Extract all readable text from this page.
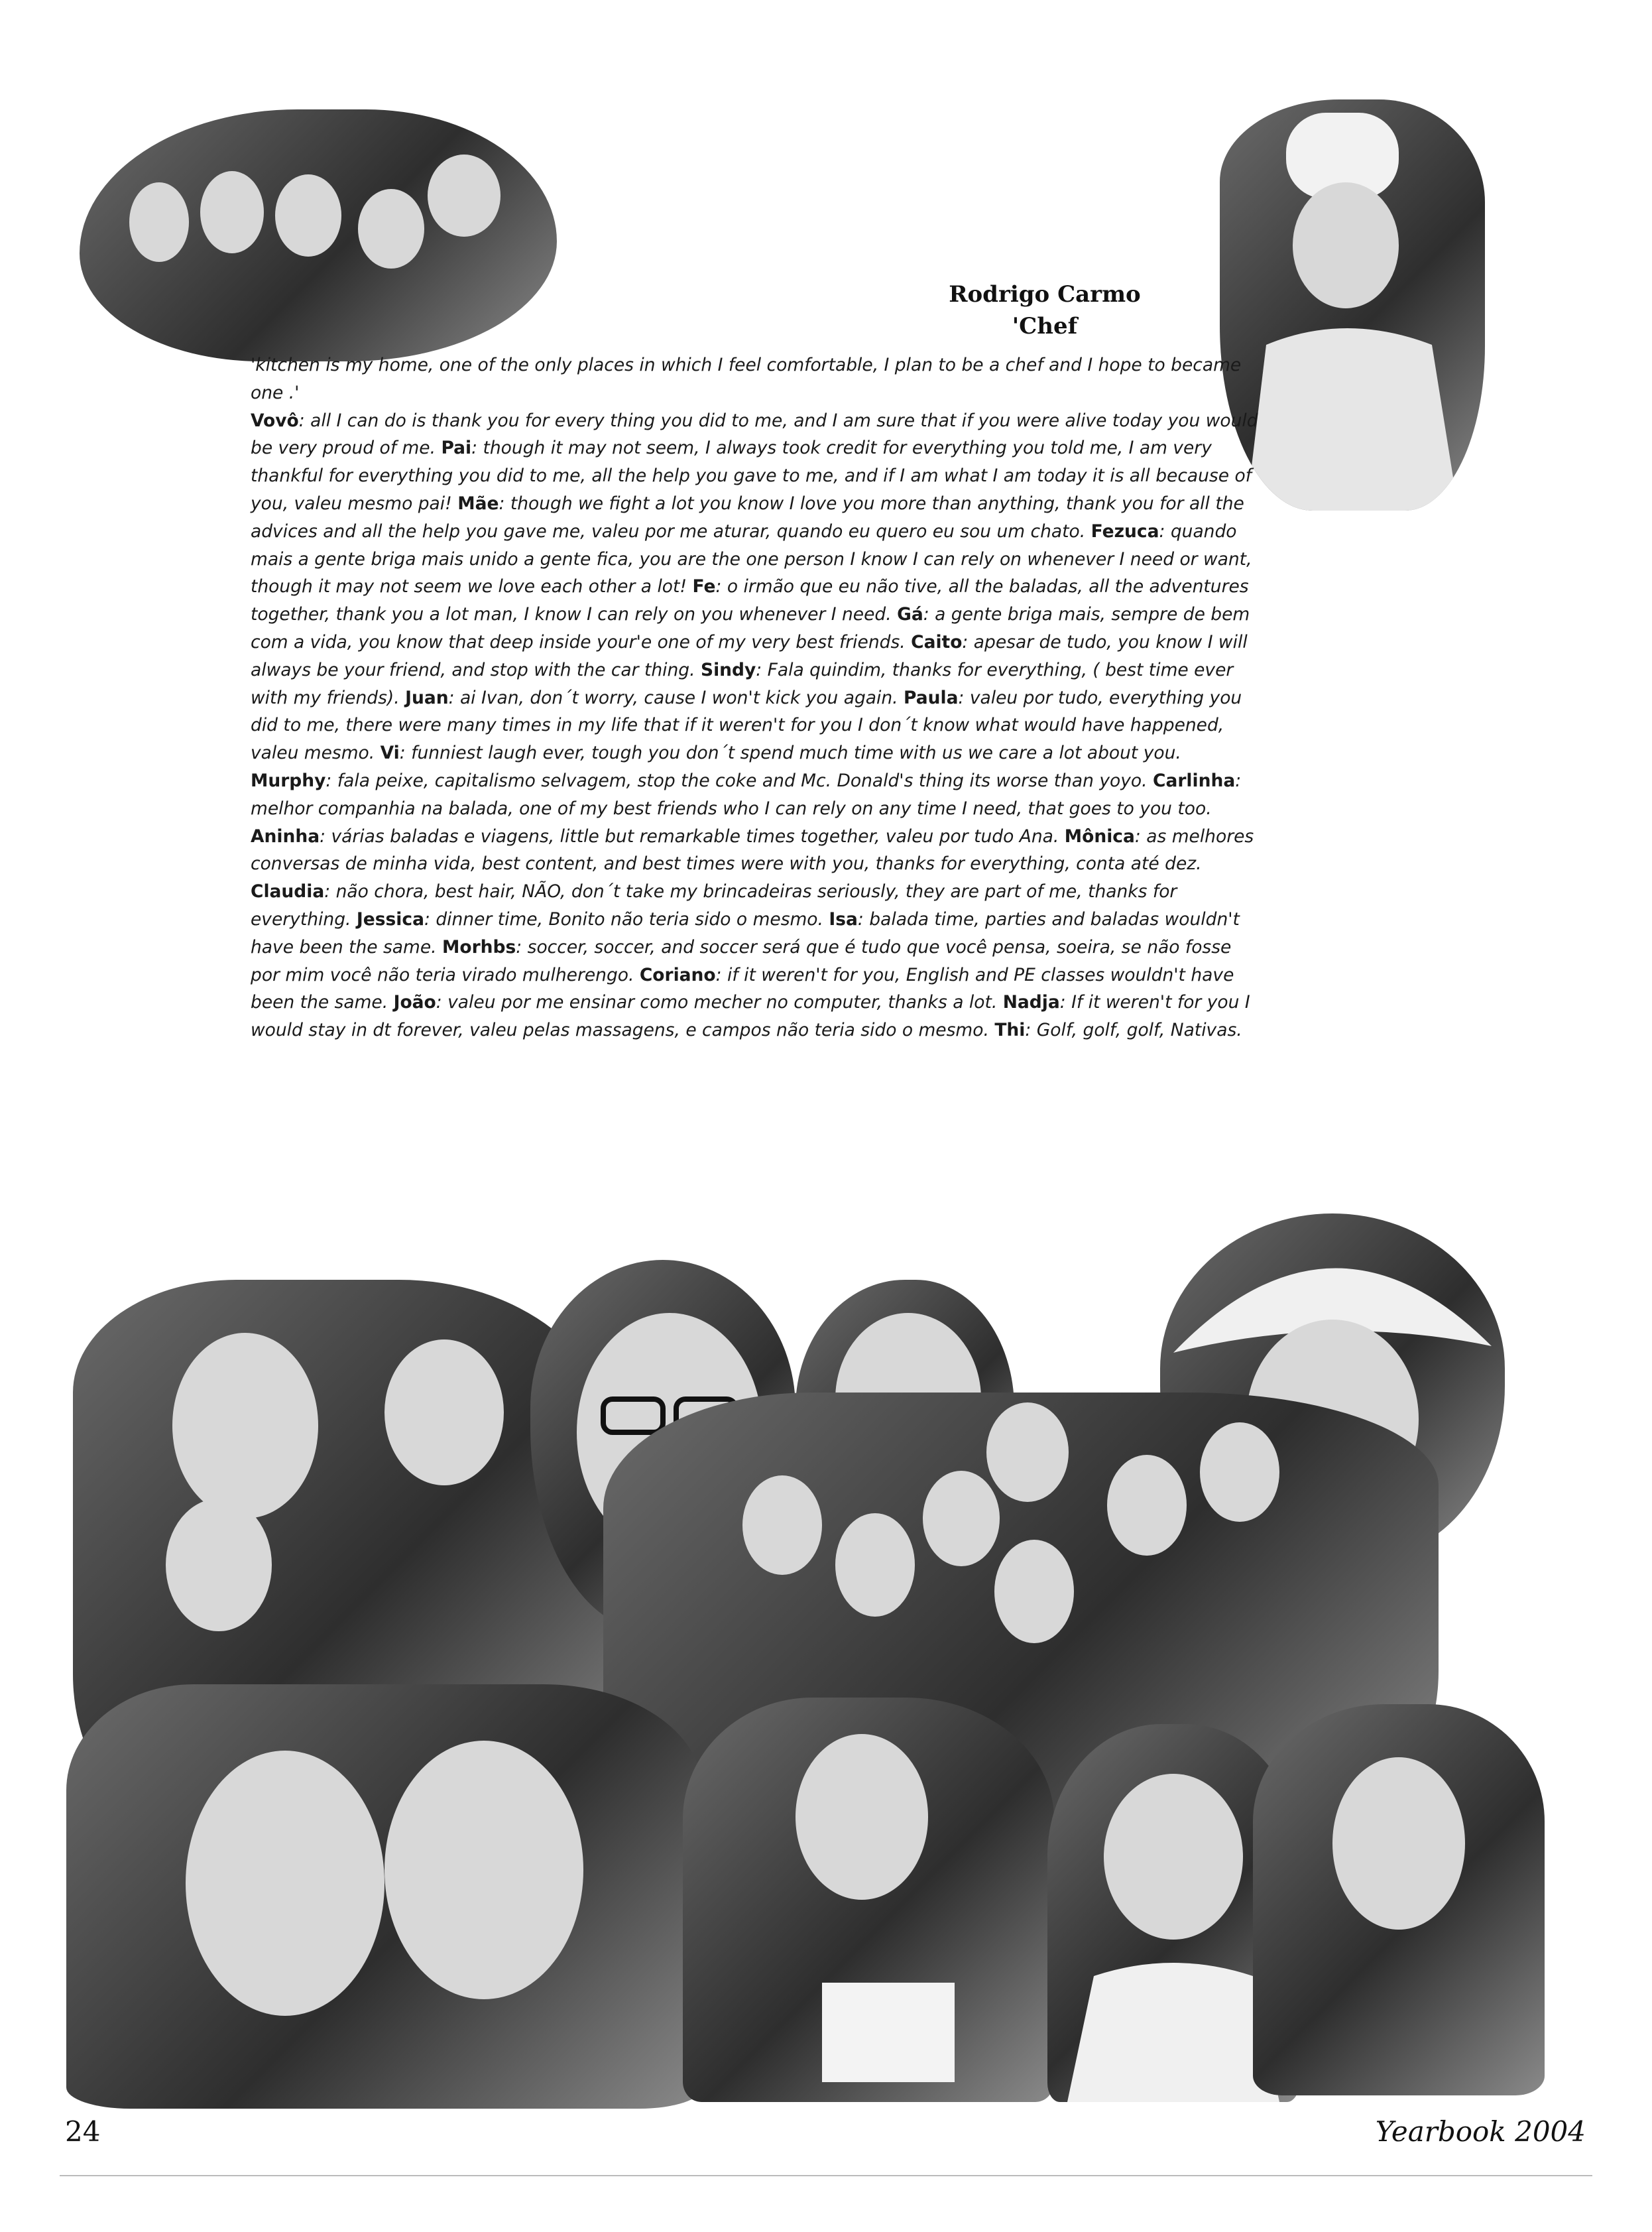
Rodrigo Carmo
'Chef
'kitchen is my home, one of the only places in which I feel comfortable, I plan to be a chef and I hope to became one .'
Vovô: all I can do is thank you for every thing you did to me, and I am sure that if you were alive today you would be very proud of me. Pai: though it may not seem, I always took credit for everything you told me, I am very thankful for everything you did to me, all the help you gave to me, and if I am what I am today it is all because of you, valeu mesmo pai! Mãe: though we fight a lot you know I love you more than anything, thank you for all the advices and all the help you gave me, valeu por me aturar, quando eu quero eu sou um chato. Fezuca: quando mais a gente briga mais unido a gente fica, you are the one person I know I can rely on whenever I need or want, though it may not seem we love each other a lot! Fe: o irmão que eu não tive, all the baladas, all the adventures together, thank you a lot man, I know I can rely on you whenever I need. Gá: a gente briga mais, sempre de bem com a vida, you know that deep inside your'e one of my very best friends. Caito: apesar de tudo, you know I will always be your friend, and stop with the car thing. Sindy: Fala quindim, thanks for everything, ( best time ever with my friends). Juan: ai Ivan, don´t worry, cause I won't kick you again. Paula: valeu por tudo, everything you did to me, there were many times in my life that if it weren't for you I don´t know what would have happened, valeu mesmo. Vi: funniest laugh ever, tough you don´t spend much time with us we care a lot about you. Murphy: fala peixe, capitalismo selvagem, stop the coke and Mc. Donald's thing its worse than yoyo. Carlinha: melhor companhia na balada, one of my best friends who I can rely on any time I need, that goes to you too. Aninha: várias baladas e viagens, little but remarkable times together, valeu por tudo Ana. Mônica: as melhores conversas de minha vida, best content, and best times were with you, thanks for everything, conta até dez. Claudia: não chora, best hair, NÃO, don´t take my brincadeiras seriously, they are part of me, thanks for everything. Jessica: dinner time, Bonito não teria sido o mesmo. Isa: balada time, parties and baladas wouldn't have been the same. Morhbs: soccer, soccer, and soccer será que é tudo que você pensa, soeira, se não fosse por mim você não teria virado mulherengo. Coriano: if it weren't for you, English and PE classes wouldn't have been the same. João: valeu por me ensinar como mecher no computer, thanks a lot. Nadja: If it weren't for you I would stay in dt forever, valeu pelas massagens, e campos não teria sido o mesmo. Thi: Golf, golf, golf, Nativas.
24	Yearbook 2004
